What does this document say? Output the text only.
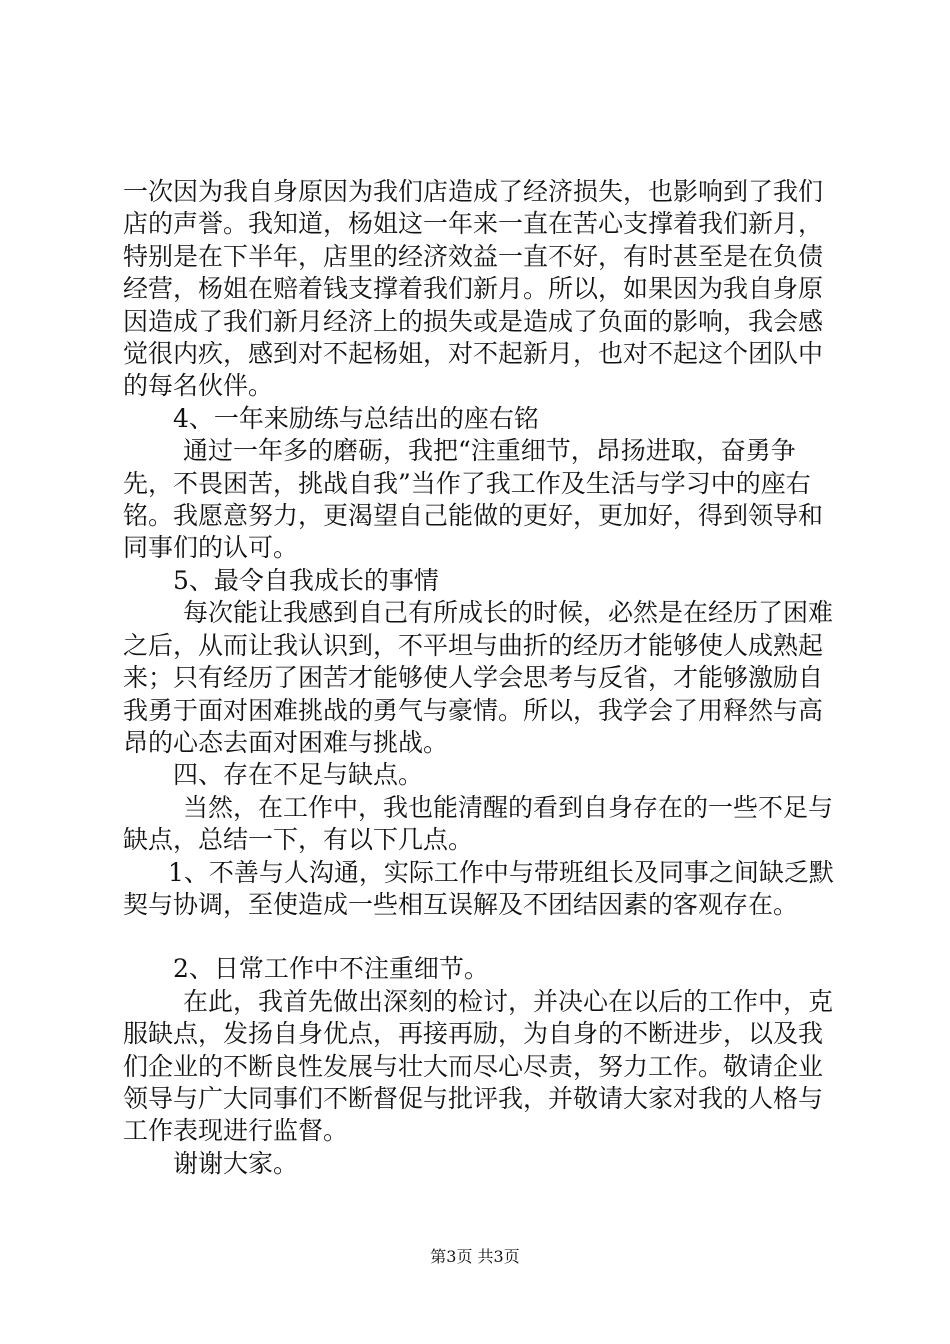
一次因为我自身原因为我们店造成了经济损失，也影响到了我们店的声誉。我知道，杨姐这一年来一直在苦心支撑着我们新月，特别是在下半年，店里的经济效益一直不好，有时甚至是在负债经营，杨姐在赔着钱支撑着我们新月。所以，如果因为我自身原因造成了我们新月经济上的损失或是造成了负面的影响，我会感觉很内疚，感到对不起杨姐，对不起新月，也对不起这个团队中的每名伙伴。

4、一年来励练与总结出的座右铭

通过一年多的磨砺，我把“注重细节，昂扬进取，奋勇争先，不畏困苦，挑战自我”当作了我工作及生活与学习中的座右铭。我愿意努力，更渴望自己能做的更好，更加好，得到领导和同事们的认可。

5、最令自我成长的事情

每次能让我感到自己有所成长的时候，必然是在经历了困难之后，从而让我认识到，不平坦与曲折的经历才能够使人成熟起来；只有经历了困苦才能够使人学会思考与反省，才能够激励自我勇于面对困难挑战的勇气与豪情。所以，我学会了用释然与高昂的心态去面对困难与挑战。

四、存在不足与缺点。

当然，在工作中，我也能清醒的看到自身存在的一些不足与缺点，总结一下，有以下几点。

1、不善与人沟通，实际工作中与带班组长及同事之间缺乏默契与协调，至使造成一些相互误解及不团结因素的客观存在。

2、日常工作中不注重细节。

在此，我首先做出深刻的检讨，并决心在以后的工作中，克服缺点，发扬自身优点，再接再励，为自身的不断进步，以及我们企业的不断良性发展与壮大而尽心尽责，努力工作。敬请企业领导与广大同事们不断督促与批评我，并敬请大家对我的人格与工作表现进行监督。

谢谢大家。

第3页 共3页
